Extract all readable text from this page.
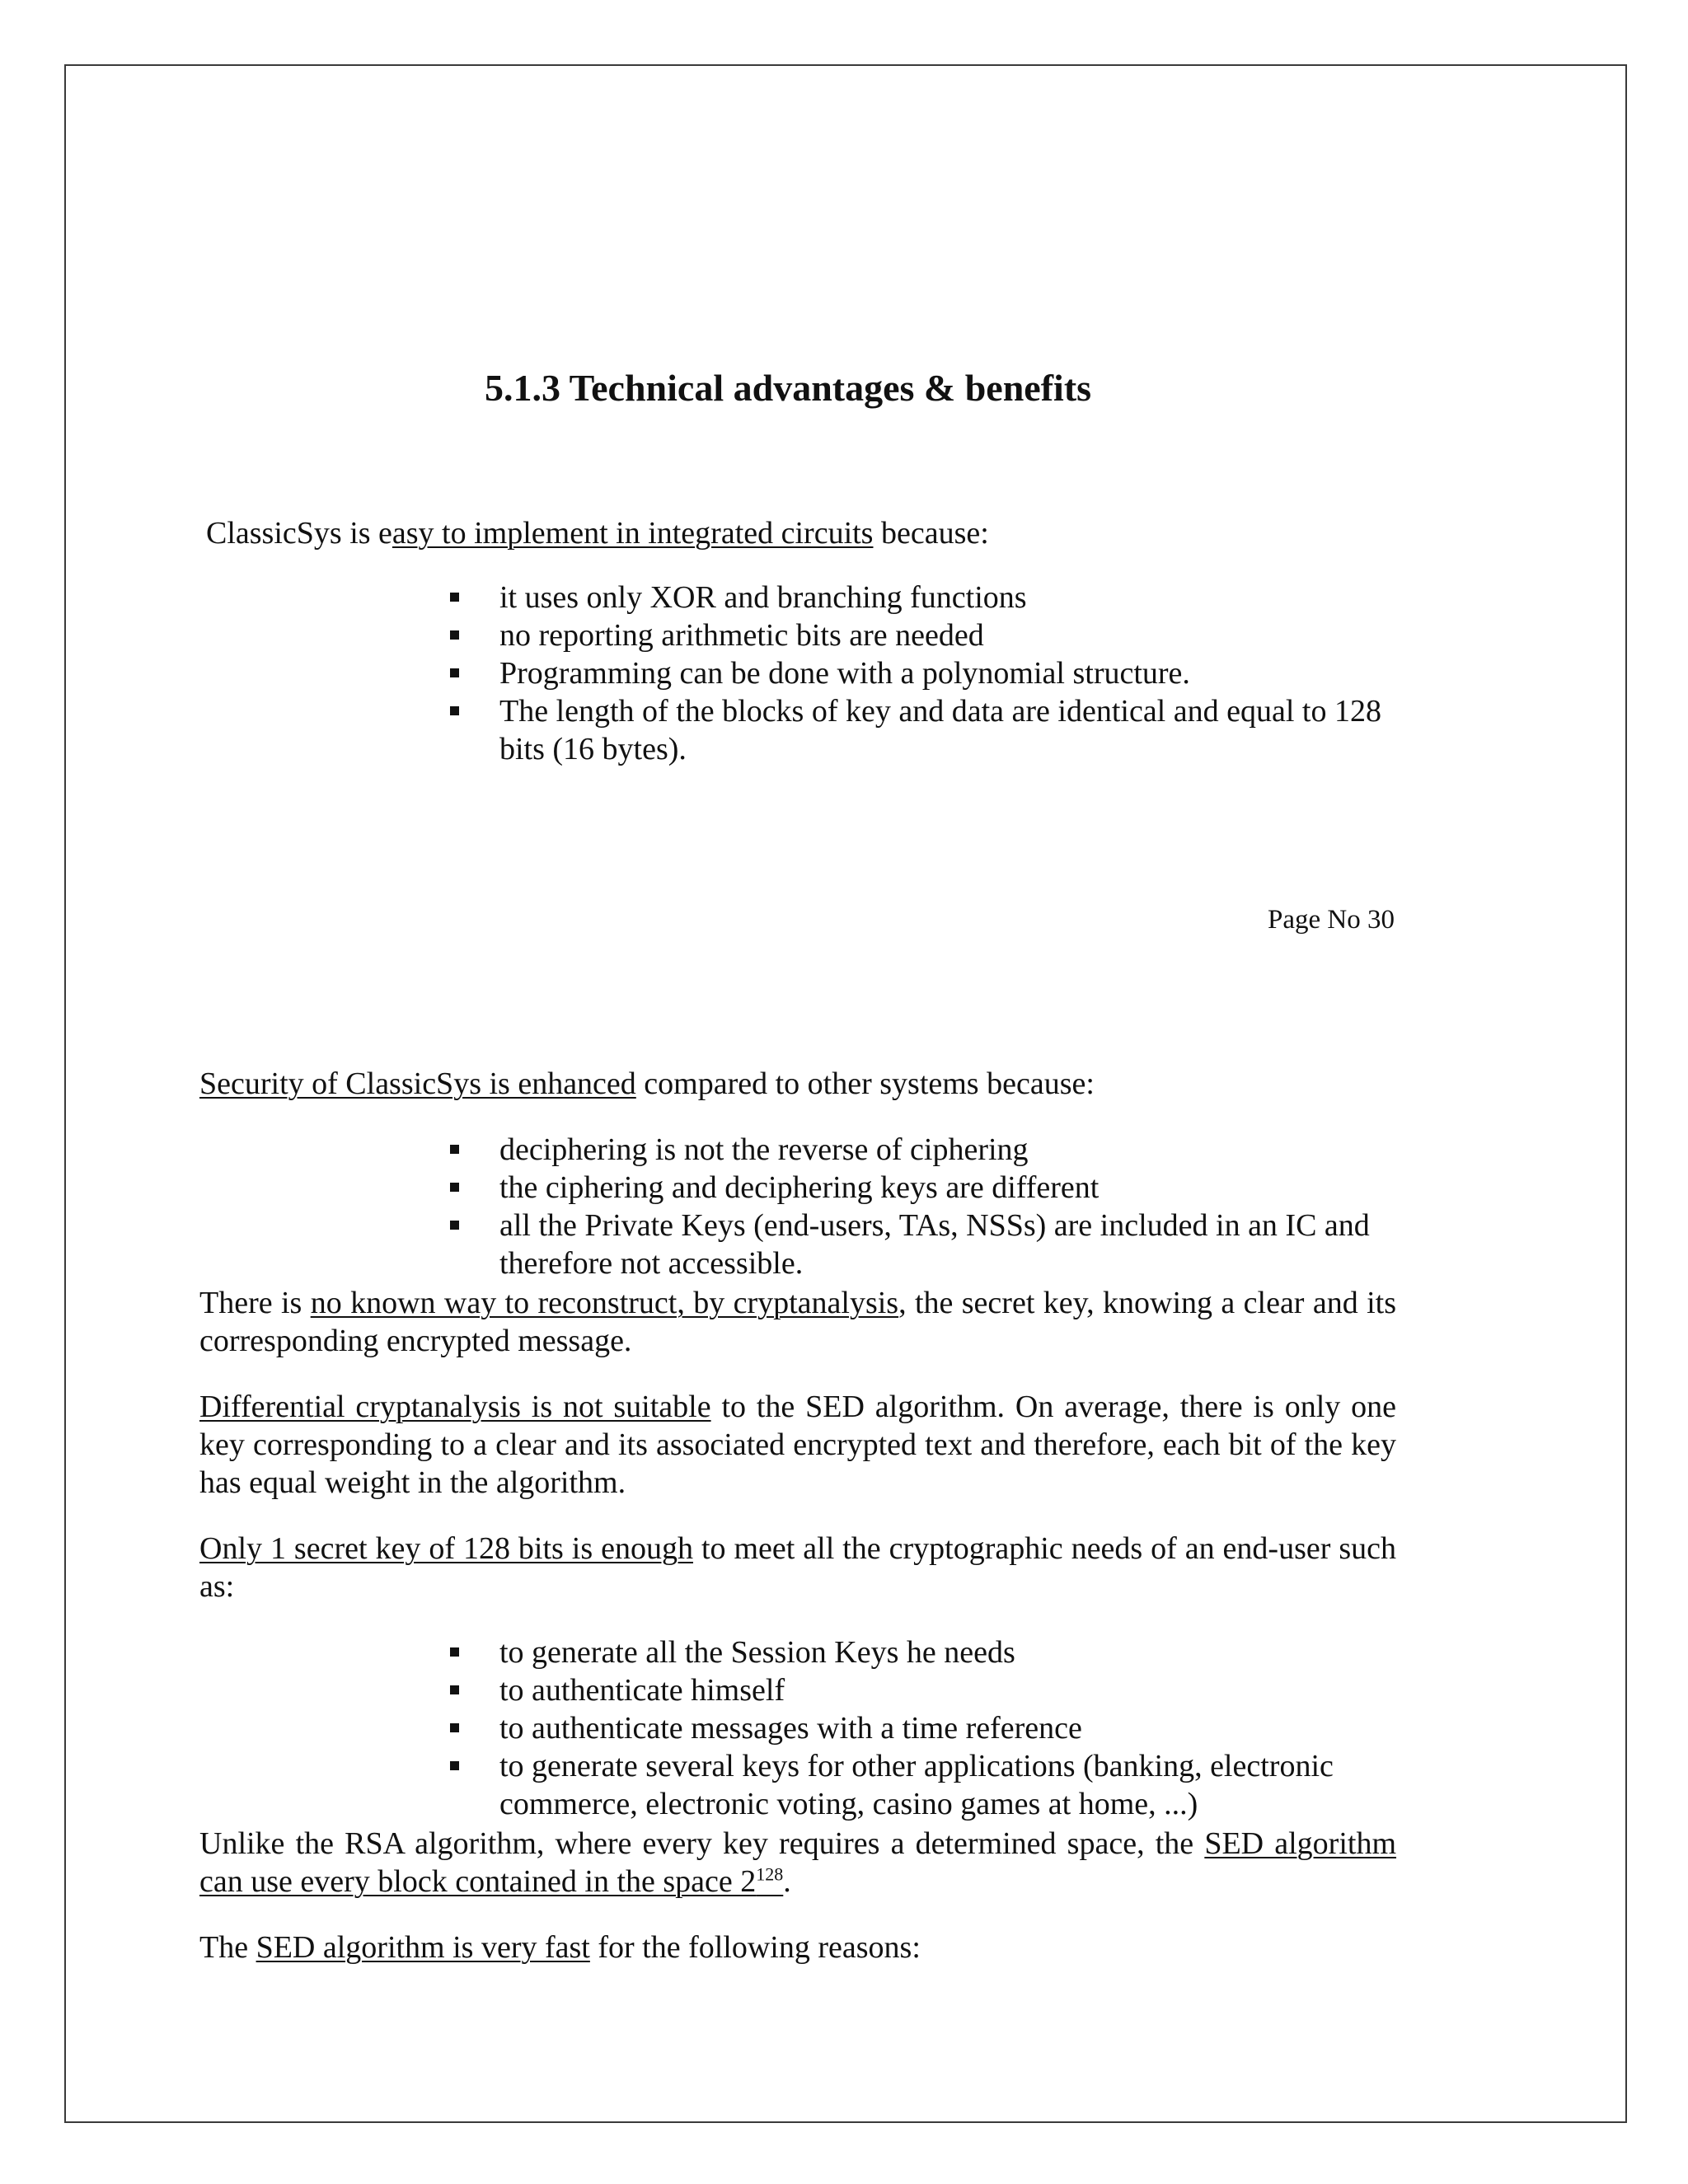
5.1.3 Technical advantages & benefits
ClassicSys is easy to implement in integrated circuits because:
it uses only XOR and branching functions
no reporting arithmetic bits are needed
Programming can be done with a polynomial structure.
The length of the blocks of key and data are identical and equal to 128 bits (16 bytes).
Page No 30
Security of ClassicSys is enhanced compared to other systems because:
deciphering is not the reverse of ciphering
the ciphering and deciphering keys are different
all the Private Keys (end-users, TAs, NSSs) are included in an IC and therefore not accessible.
There is no known way to reconstruct, by cryptanalysis, the secret key, knowing a clear and its corresponding encrypted message.
Differential cryptanalysis is not suitable to the SED algorithm. On average, there is only one key corresponding to a clear and its associated encrypted text and therefore, each bit of the key has equal weight in the algorithm.
Only 1 secret key of 128 bits is enough to meet all the cryptographic needs of an end-user such as:
to generate all the Session Keys he needs
to authenticate himself
to authenticate messages with a time reference
to generate several keys for other applications (banking, electronic commerce, electronic voting, casino games at home, ...)
Unlike the RSA algorithm, where every key requires a determined space, the SED algorithm can use every block contained in the space $2^{128}$.
The SED algorithm is very fast for the following reasons:
